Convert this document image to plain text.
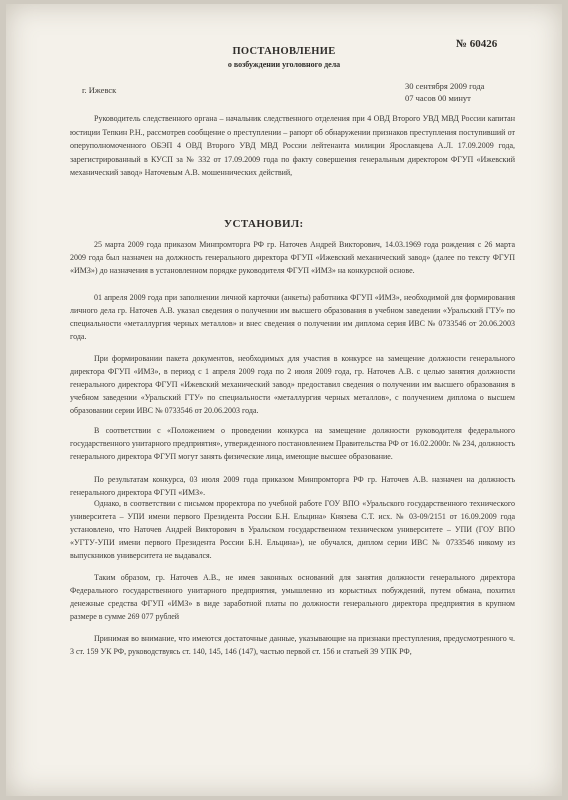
№ 60426
ПОСТАНОВЛЕНИЕ
о возбуждении уголовного дела
г. Ижевск	30 сентября 2009 года
07 часов 00 минут
Руководитель следственного органа – начальник следственного отделения при 4 ОВД Второго УВД МВД России капитан юстиции Тепкин Р.Н., рассмотрев сообщение о преступлении – рапорт об обнаружении признаков преступления поступивший от оперуполномоченного ОБЭП 4 ОВД Второго УВД МВД России лейтенанта милиции Ярославцева А.Л. 17.09.2009 года, зарегистрированный в КУСП за № 332 от 17.09.2009 года по факту совершения генеральным директором ФГУП «Ижевский механический завод» Наточевым А.В. мошеннических действий,
УСТАНОВИЛ:
25 марта 2009 года приказом Минпромторга РФ гр. Наточев Андрей Викторович, 14.03.1969 года рождения с 26 марта 2009 года был назначен на должность генерального директора ФГУП «Ижевский механический завод» (далее по тексту ФГУП «ИМЗ») до назначения в установленном порядке руководителя ФГУП «ИМЗ» на конкурсной основе.
01 апреля 2009 года при заполнении личной карточки (анкеты) работника ФГУП «ИМЗ», необходимой для формирования личного дела гр. Наточев А.В. указал сведения о получении им высшего образования в учебном заведении «Уральский ГТУ» по специальности «металлургия черных металлов» и внес сведения о получении им диплома серия ИВС № 0733546 от 20.06.2003 года.
При формировании пакета документов, необходимых для участия в конкурсе на замещение должности генерального директора ФГУП «ИМЗ», в период с 1 апреля 2009 года по 2 июля 2009 года, гр. Наточев А.В. с целью занятия должности генерального директора ФГУП «Ижевский механический завод» предоставил сведения о получении им высшего образования в учебном заведении «Уральский ГТУ» по специальности «металлургия черных металлов», с получением диплома о высшем образовании серии ИВС № 0733546 от 20.06.2003 года.
В соответствии с «Положением о проведении конкурса на замещение должности руководителя федерального государственного унитарного предприятия», утвержденного постановлением Правительства РФ от 16.02.2000г. № 234, должность генерального директора ФГУП могут занять физические лица, имеющие высшее образование.
По результатам конкурса, 03 июля 2009 года приказом Минпромторга РФ гр. Наточев А.В. назначен на должность генерального директора ФГУП «ИМЗ».
Однако, в соответствии с письмом проректора по учебной работе ГОУ ВПО «Уральского государственного технического университета – УПИ имени первого Президента России Б.Н. Ельцина» Князева С.Т. исх. № 03-09/2151 от 16.09.2009 года установлено, что Наточев Андрей Викторович в Уральском государственном техническом университете – УПИ (ГОУ ВПО «УГТУ-УПИ имени первого Президента России Б.Н. Ельцина»), не обучался, диплом серии ИВС № 0733546 никому из выпускников университета не выдавался.
Таким образом, гр. Наточев А.В., не имея законных оснований для занятия должности генерального директора Федерального государственного унитарного предприятия, умышленно из корыстных побуждений, путем обмана, похитил денежные средства ФГУП «ИМЗ» в виде заработной платы по должности генерального директора предприятия в крупном размере в сумме 269 077 рублей
Принимая во внимание, что имеются достаточные данные, указывающие на признаки преступления, предусмотренного ч. 3 ст. 159 УК РФ, руководствуясь ст. 140, 145, 146 (147), частью первой ст. 156 и статьей 39 УПК РФ,
